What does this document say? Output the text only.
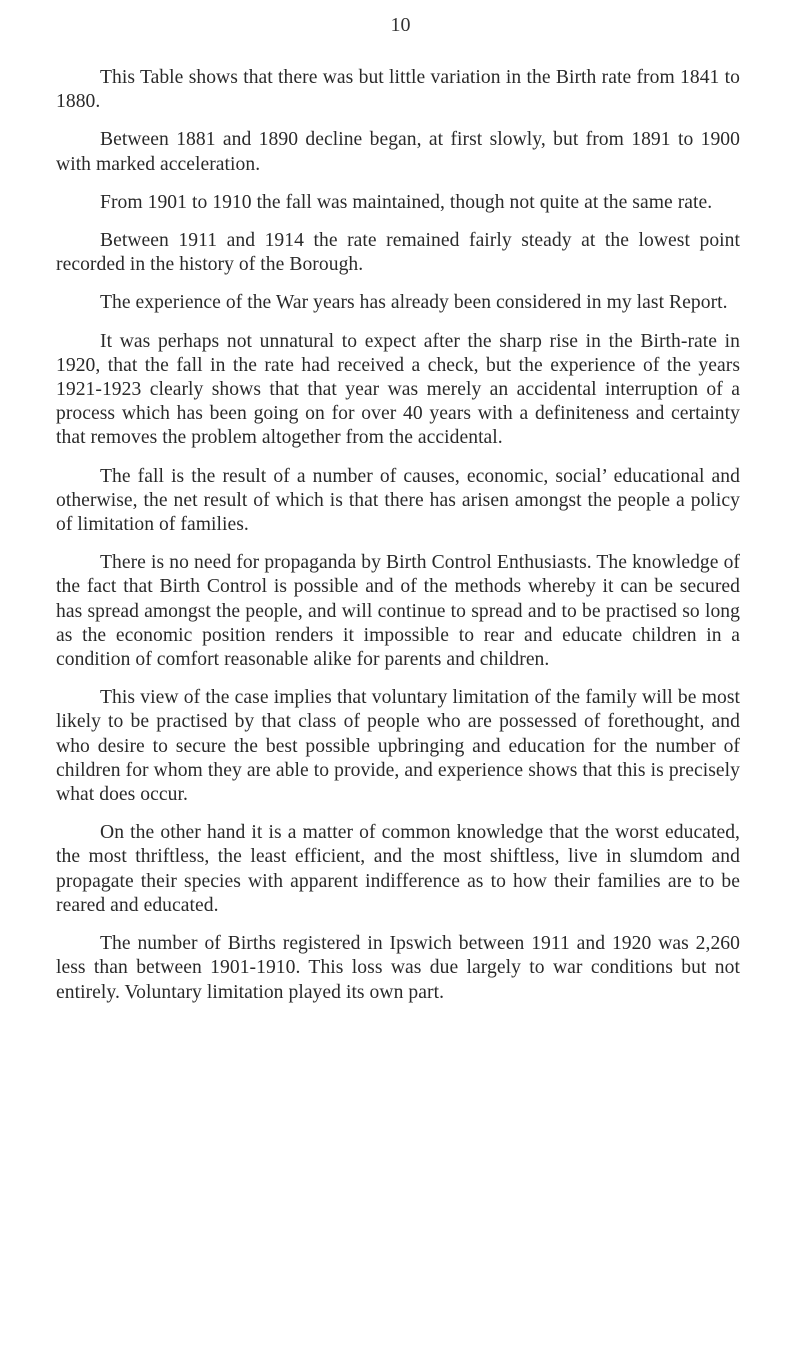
10

This Table shows that there was but little variation in the Birth rate from 1841 to 1880.

Between 1881 and 1890 decline began, at first slowly, but from 1891 to 1900 with marked acceleration.

From 1901 to 1910 the fall was maintained, though not quite at the same rate.

Between 1911 and 1914 the rate remained fairly steady at the lowest point recorded in the history of the Borough.

The experience of the War years has already been considered in my last Report.

It was perhaps not unnatural to expect after the sharp rise in the Birth-rate in 1920, that the fall in the rate had received a check, but the experience of the years 1921-1923 clearly shows that that year was merely an accidental interruption of a process which has been going on for over 40 years with a definiteness and certainty that removes the problem altogether from the accidental.

The fall is the result of a number of causes, economic, social’ educational and otherwise, the net result of which is that there has arisen amongst the people a policy of limitation of families.

There is no need for propaganda by Birth Control Enthusiasts. The knowledge of the fact that Birth Control is possible and of the methods whereby it can be secured has spread amongst the people, and will continue to spread and to be practised so long as the economic position renders it impossible to rear and educate children in a condition of comfort reasonable alike for parents and children.

This view of the case implies that voluntary limitation of the family will be most likely to be practised by that class of people who are possessed of forethought, and who desire to secure the best possible upbringing and education for the number of children for whom they are able to provide, and experience shows that this is precisely what does occur.

On the other hand it is a matter of common knowledge that the worst educated, the most thriftless, the least efficient, and the most shiftless, live in slumdom and propagate their species with apparent indifference as to how their families are to be reared and educated.

The number of Births registered in Ipswich between 1911 and 1920 was 2,260 less than between 1901-1910. This loss was due largely to war conditions but not entirely. Voluntary limitation played its own part.
